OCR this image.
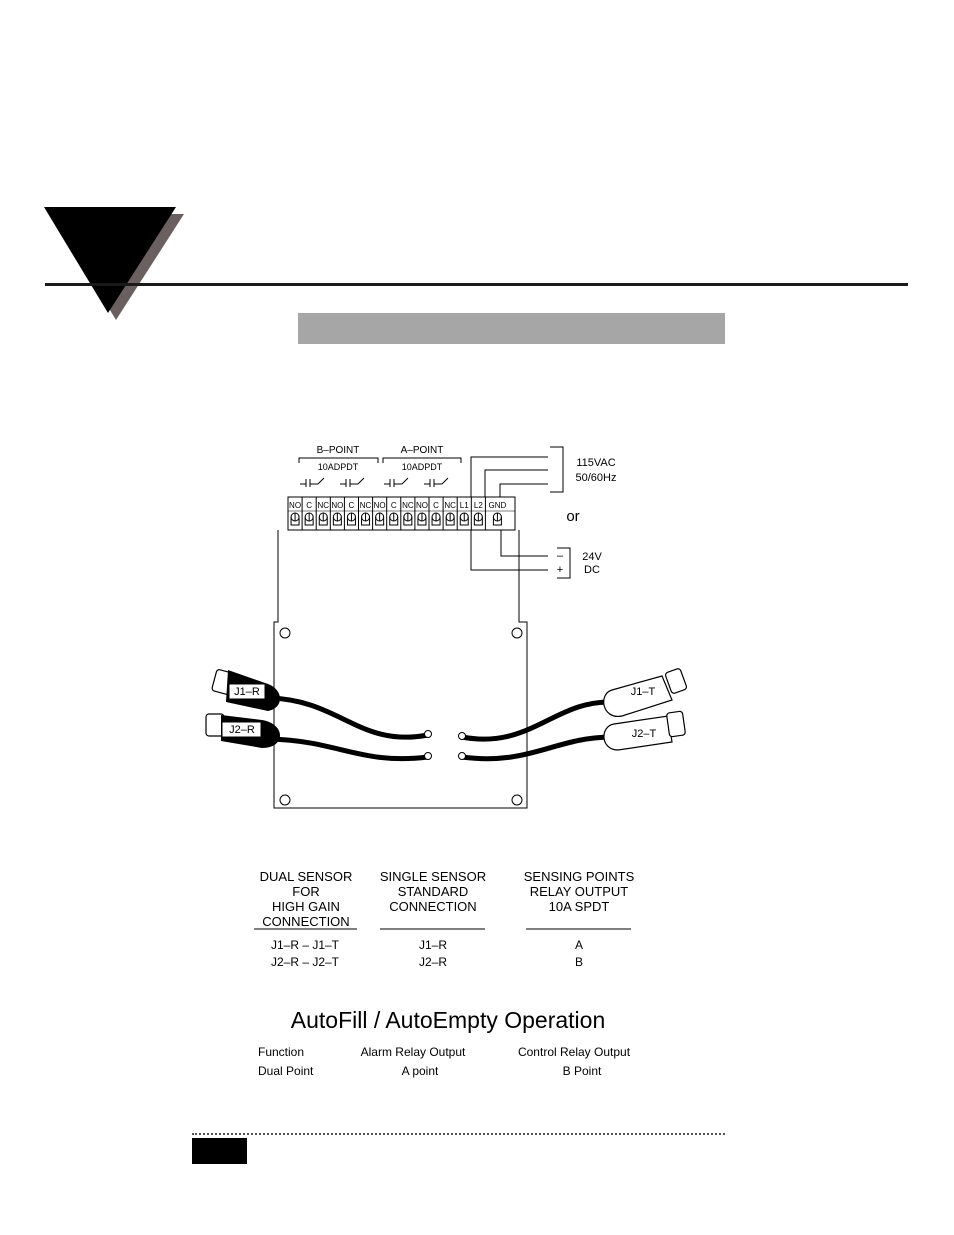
B–POINT	A–POINT
10ADPDT	10ADPDT
NO C NC NO C NC NO C NC NO C NC L1 L2 GND
115VAC
50/60Hz
or
–
+
24V
DC
J1–R
J2–R
J1–T
J2–T
DUAL SENSOR
FOR
HIGH GAIN
CONNECTION
SINGLE SENSOR
STANDARD
CONNECTION
SENSING POINTS
RELAY OUTPUT
10A SPDT
J1–R – J1–T	J1–R	A
J2–R – J2–T	J2–R	B
AutoFill / AutoEmpty Operation
Function	Alarm Relay Output	Control Relay Output
Dual Point	A point	B Point
